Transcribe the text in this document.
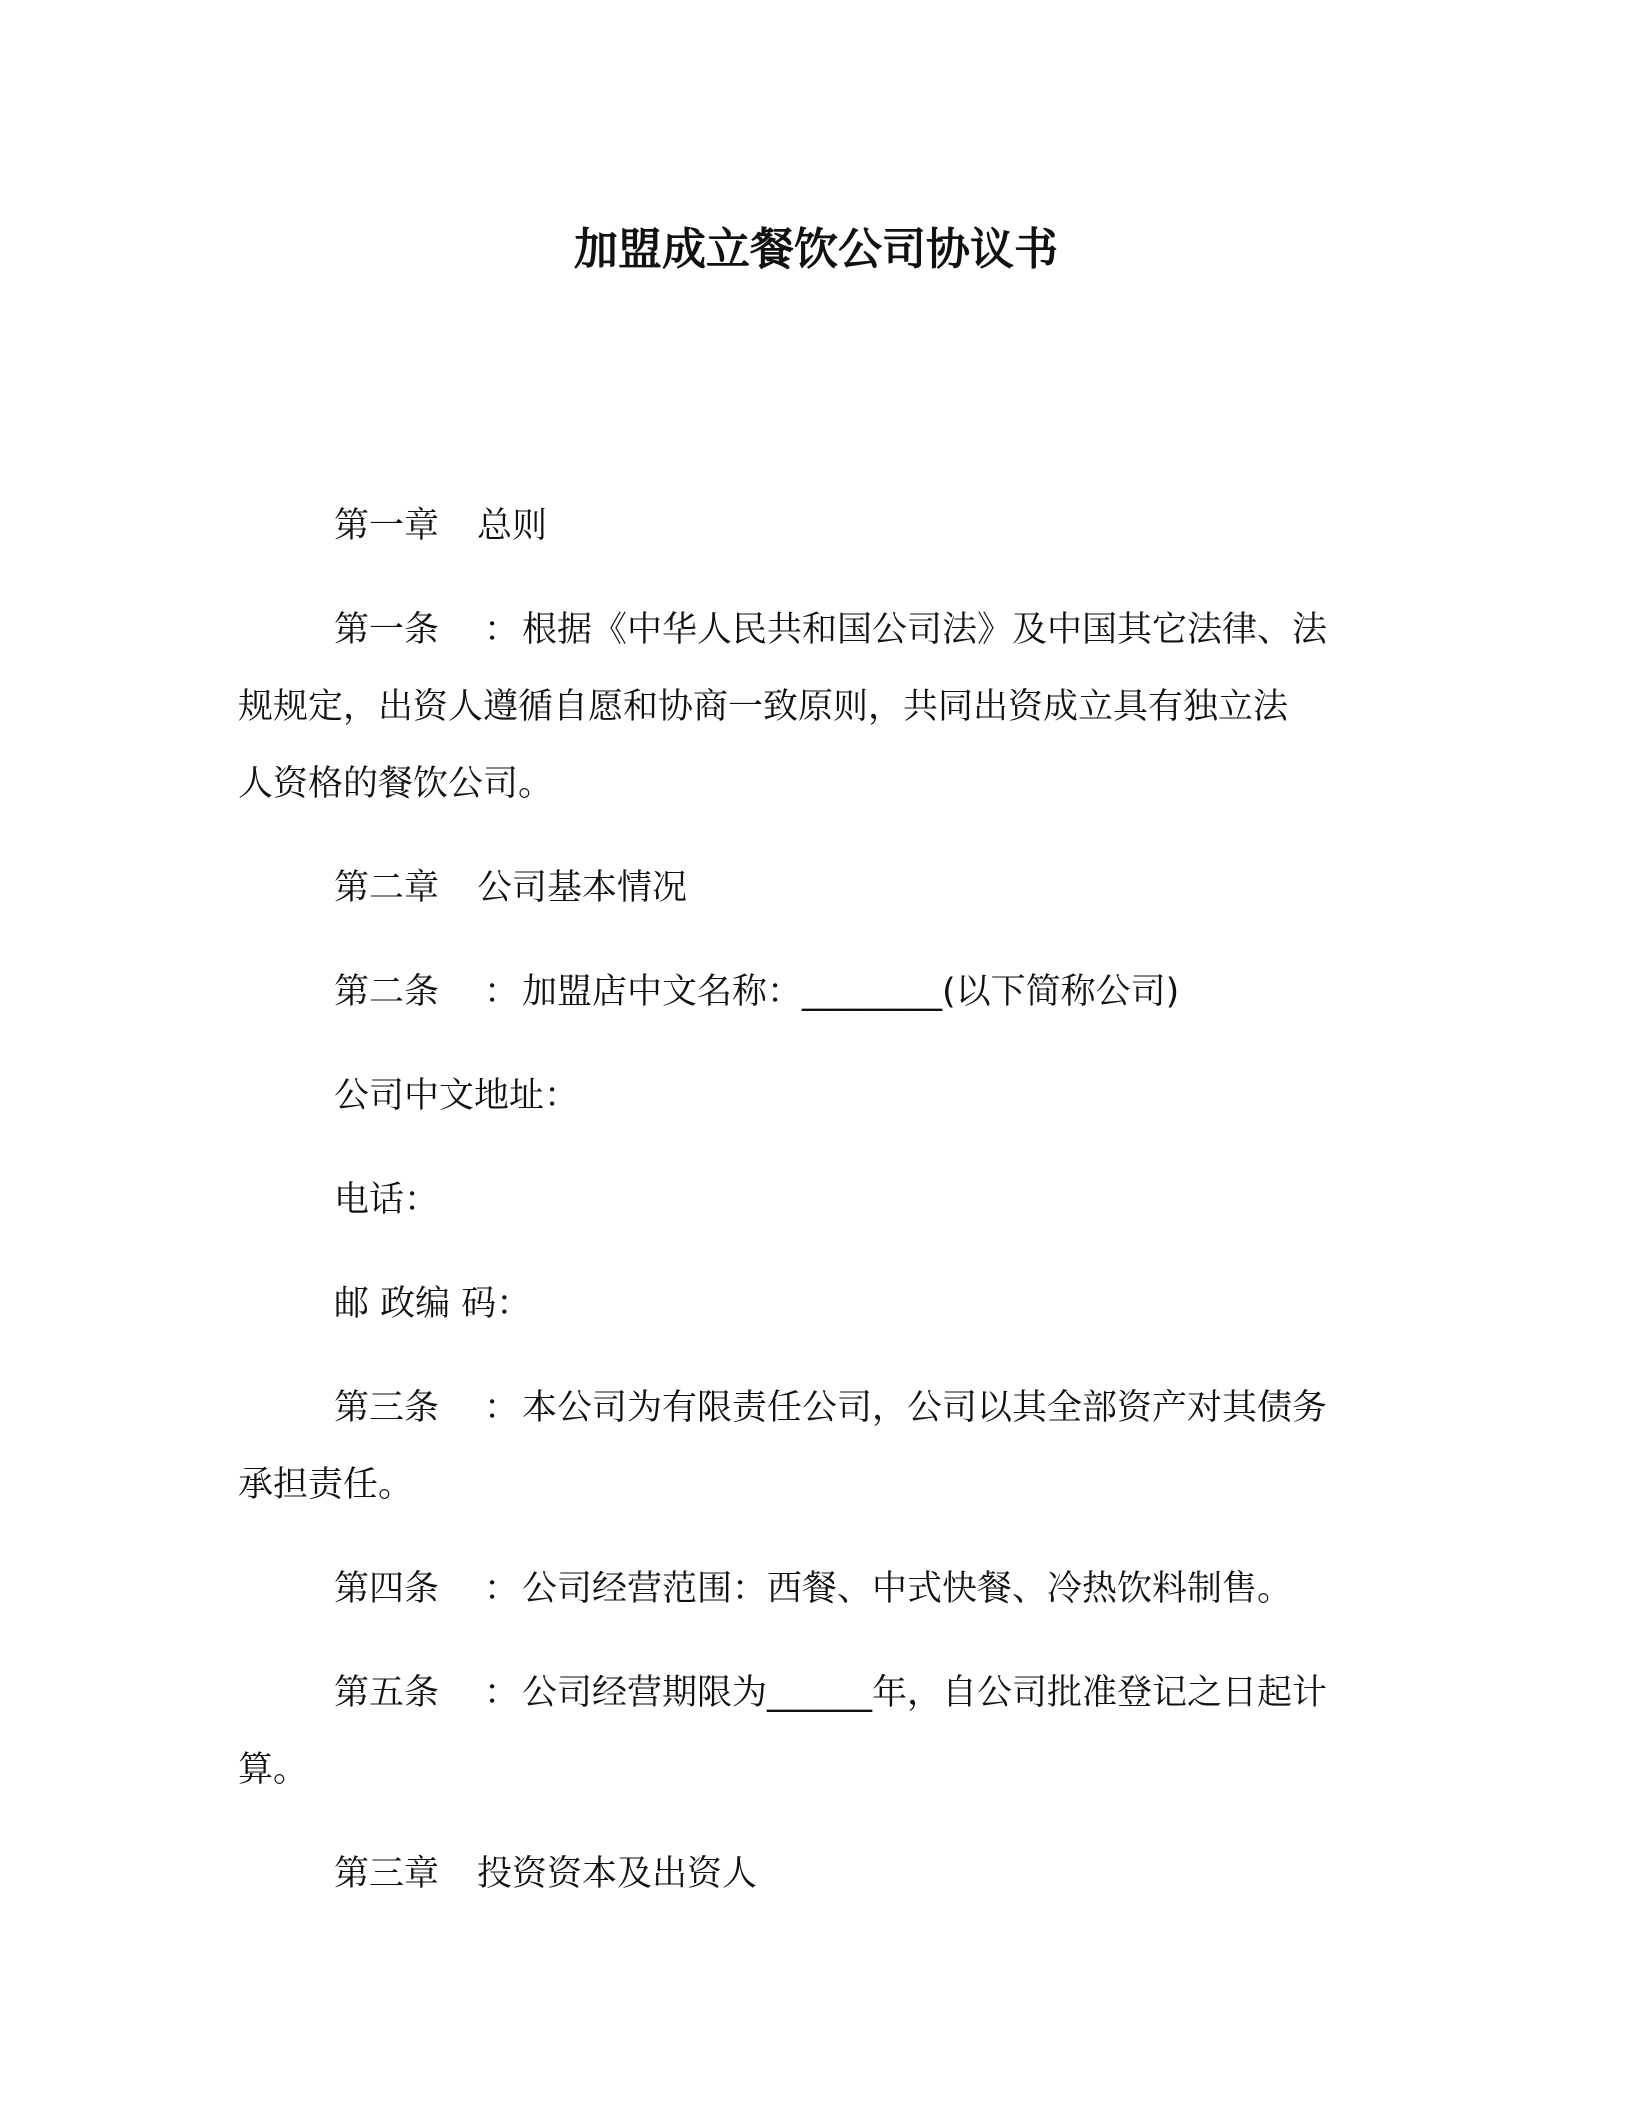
加盟成立餐饮公司协议书

第一章 总则

第一条 ：根据《中华人民共和国公司法》及中国其它法律、法

规规定，出资人遵循自愿和协商一致原则，共同出资成立具有独立法

人资格的餐饮公司。

第二章 公司基本情况

第二条 ：加盟店中文名称：________(以下简称公司)

公司中文地址：

电话：

邮 政编 码：

第三条 ：本公司为有限责任公司，公司以其全部资产对其债务

承担责任。

第四条 ：公司经营范围：西餐、中式快餐、冷热饮料制售。

第五条 ：公司经营期限为______年，自公司批准登记之日起计

算。

第三章 投资资本及出资人
